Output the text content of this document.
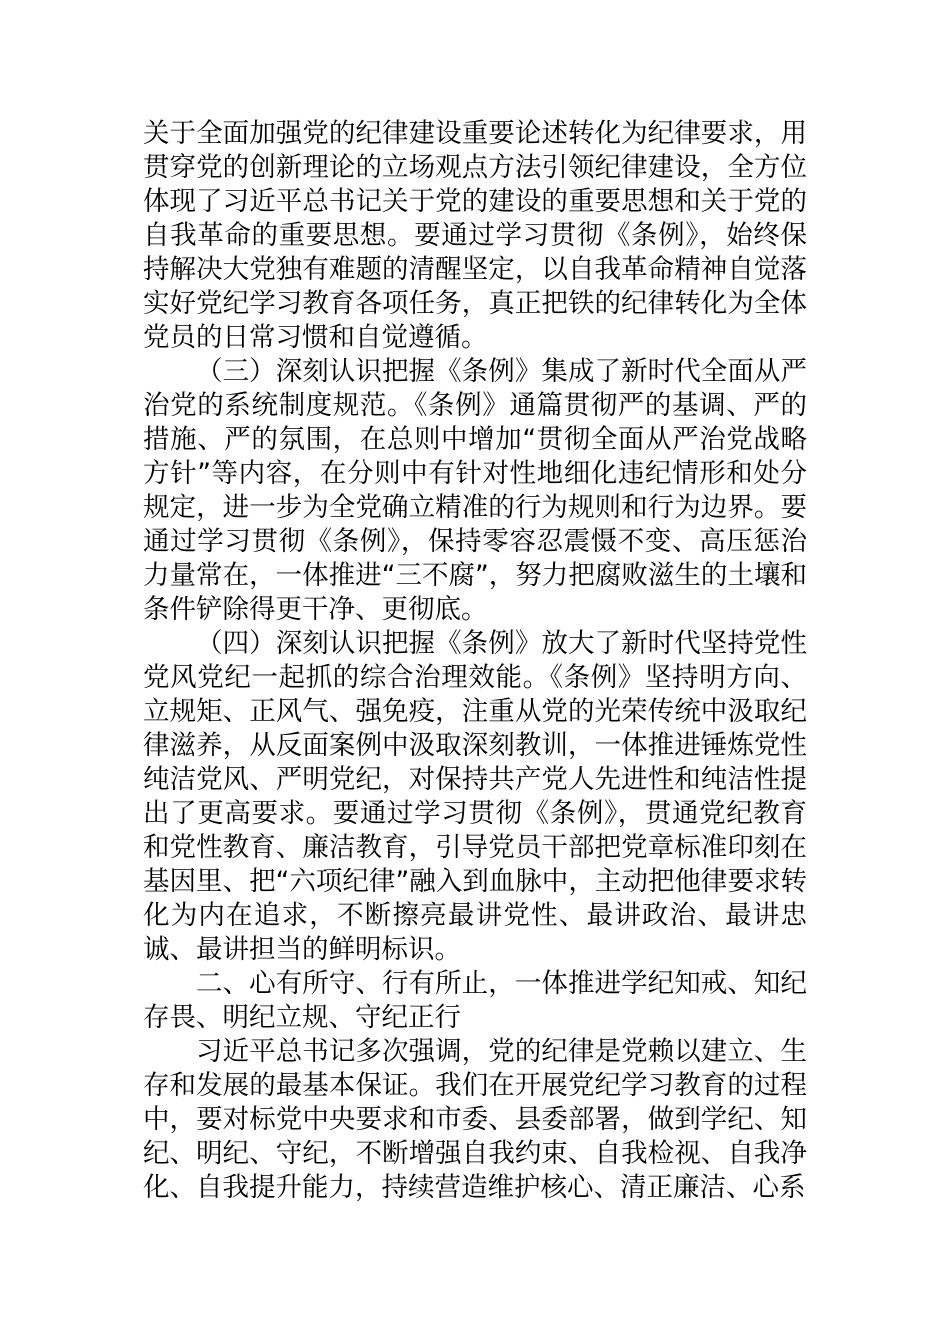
关于全面加强党的纪律建设重要论述转化为纪律要求，用贯穿党的创新理论的立场观点方法引领纪律建设，全方位体现了习近平总书记关于党的建设的重要思想和关于党的自我革命的重要思想。要通过学习贯彻《条例》，始终保持解决大党独有难题的清醒坚定，以自我革命精神自觉落实好党纪学习教育各项任务，真正把铁的纪律转化为全体党员的日常习惯和自觉遵循。

（三）深刻认识把握《条例》集成了新时代全面从严治党的系统制度规范。《条例》通篇贯彻严的基调、严的措施、严的氛围，在总则中增加“贯彻全面从严治党战略方针”等内容，在分则中有针对性地细化违纪情形和处分规定，进一步为全党确立精准的行为规则和行为边界。要通过学习贯彻《条例》，保持零容忍震慑不变、高压惩治力量常在，一体推进“三不腐”，努力把腐败滋生的土壤和条件铲除得更干净、更彻底。

（四）深刻认识把握《条例》放大了新时代坚持党性党风党纪一起抓的综合治理效能。《条例》坚持明方向、立规矩、正风气、强免疫，注重从党的光荣传统中汲取纪律滋养，从反面案例中汲取深刻教训，一体推进锤炼党性纯洁党风、严明党纪，对保持共产党人先进性和纯洁性提出了更高要求。要通过学习贯彻《条例》，贯通党纪教育和党性教育、廉洁教育，引导党员干部把党章标准印刻在基因里、把“六项纪律”融入到血脉中，主动把他律要求转化为内在追求，不断擦亮最讲党性、最讲政治、最讲忠诚、最讲担当的鲜明标识。

二、心有所守、行有所止，一体推进学纪知戒、知纪存畏、明纪立规、守纪正行

习近平总书记多次强调，党的纪律是党赖以建立、生存和发展的最基本保证。我们在开展党纪学习教育的过程中，要对标党中央要求和市委、县委部署，做到学纪、知纪、明纪、守纪，不断增强自我约束、自我检视、自我净化、自我提升能力，持续营造维护核心、清正廉洁、心系
